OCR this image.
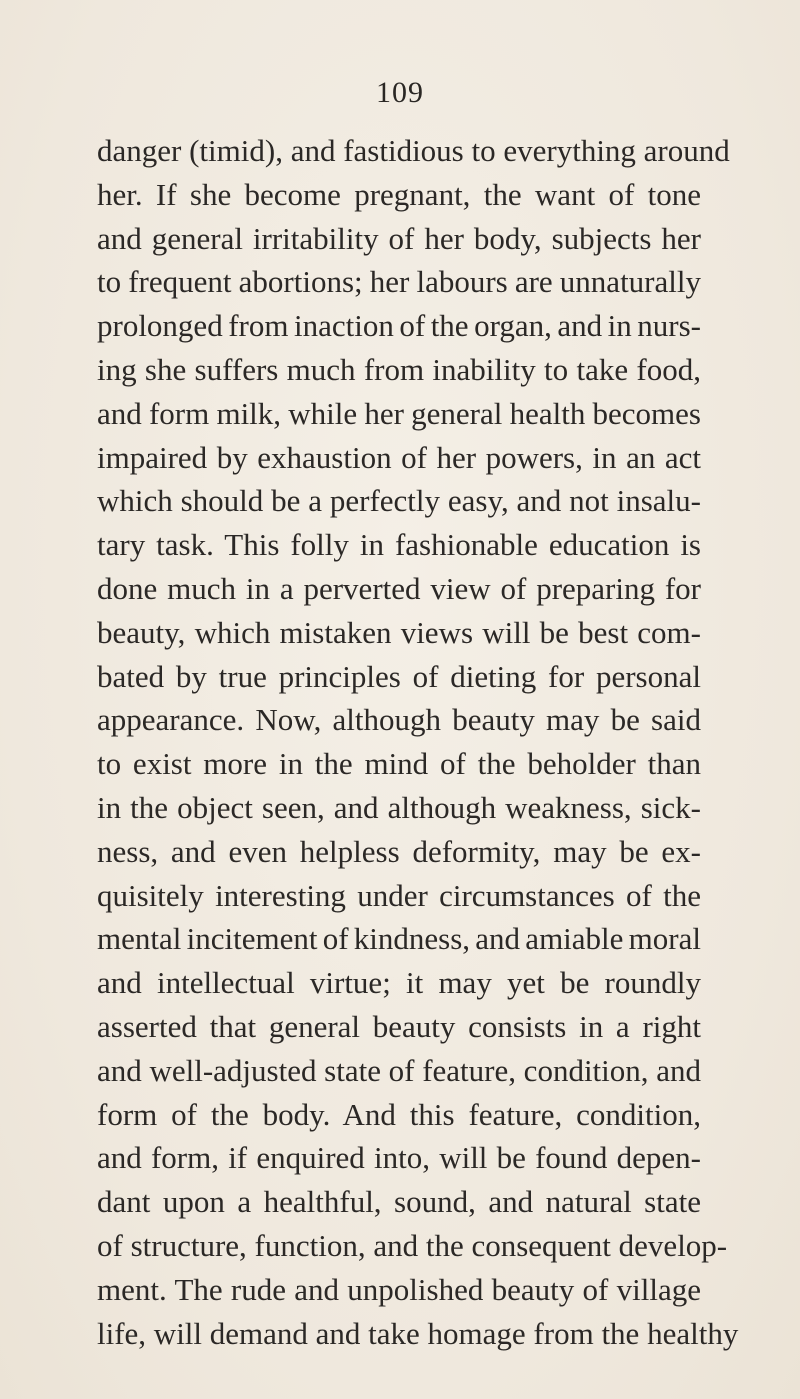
109
danger (timid), and fastidious to everything around
her. If she become pregnant, the want of tone
and general irritability of her body, subjects her
to frequent abortions; her labours are unnaturally
prolonged from inaction of the organ, and in nurs-
ing she suffers much from inability to take food,
and form milk, while her general health becomes
impaired by exhaustion of her powers, in an act
which should be a perfectly easy, and not insalu-
tary task. This folly in fashionable education is
done much in a perverted view of preparing for
beauty, which mistaken views will be best com-
bated by true principles of dieting for personal
appearance. Now, although beauty may be said
to exist more in the mind of the beholder than
in the object seen, and although weakness, sick-
ness, and even helpless deformity, may be ex-
quisitely interesting under circumstances of the
mental incitement of kindness, and amiable moral
and intellectual virtue; it may yet be roundly
asserted that general beauty consists in a right
and well-adjusted state of feature, condition, and
form of the body. And this feature, condition,
and form, if enquired into, will be found depen-
dant upon a healthful, sound, and natural state
of structure, function, and the consequent develop-
ment. The rude and unpolished beauty of village
life, will demand and take homage from the healthy
